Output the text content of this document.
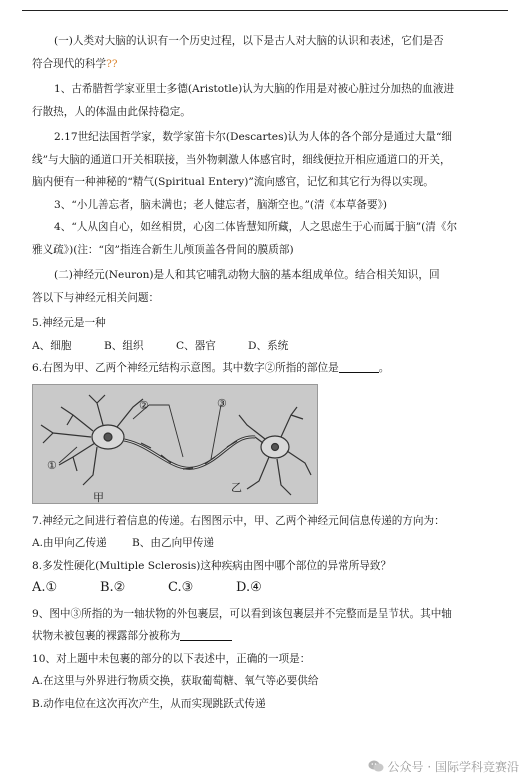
(一)人类对大脑的认识有一个历史过程，以下是古人对大脑的认识和表述，它们是否

符合现代的科学??

1、古希腊哲学家亚里士多德(Aristotle)认为大脑的作用是对被心脏过分加热的血液进

行散热，人的体温由此保持稳定。

2.17世纪法国哲学家，数学家笛卡尔(Descartes)认为人体的各个部分是通过大量“细

线”与大脑的通道口开关相联接，当外物刺激人体感官时，细线便拉开相应通道口的开关，

脑内便有一种神秘的“精气(Spiritual Entery)”流向感官，记忆和其它行为得以实现。

3、“小儿善忘者，脑未满也；老人健忘者，脑渐空也。”(清《本草备要》)

4、“人从囟自心，如丝相贯，心囟二体皆慧知所藏，人之思虑生于心而属于脑”(清《尔

雅义疏》)(注：“囟”指连合新生儿颅顶盖各骨间的膜质部)

(二)神经元(Neuron)是人和其它哺乳动物大脑的基本组成单位。结合相关知识，回

答以下与神经元相关问题：

5.神经元是一种

A、细胞	B、组织	C、器官	D、系统

6.右图为甲、乙两个神经元结构示意图。其中数字②所指的部位是	。

①
②	③
甲
乙

7.神经元之间进行着信息的传递。右图图示中，甲、乙两个神经元间信息传递的方向为：

A.由甲向乙传递	B、由乙向甲传递

8.多发性硬化(Multiple Sclerosis)这种疾病由图中哪个部位的异常所导致？

A.①	B.②	C.③	D.④

9、图中③所指的为一轴状物的外包裹层，可以看到该包裹层并不完整而是呈节状。其中轴

状物未被包裹的裸露部分被称为

10、对上题中未包裹的部分的以下表述中，正确的一项是：

A.在这里与外界进行物质交换，获取葡萄糖、氧气等必要供给

B.动作电位在这次再次产生，从而实现跳跃式传递

公众号 · 国际学科竞赛沿
